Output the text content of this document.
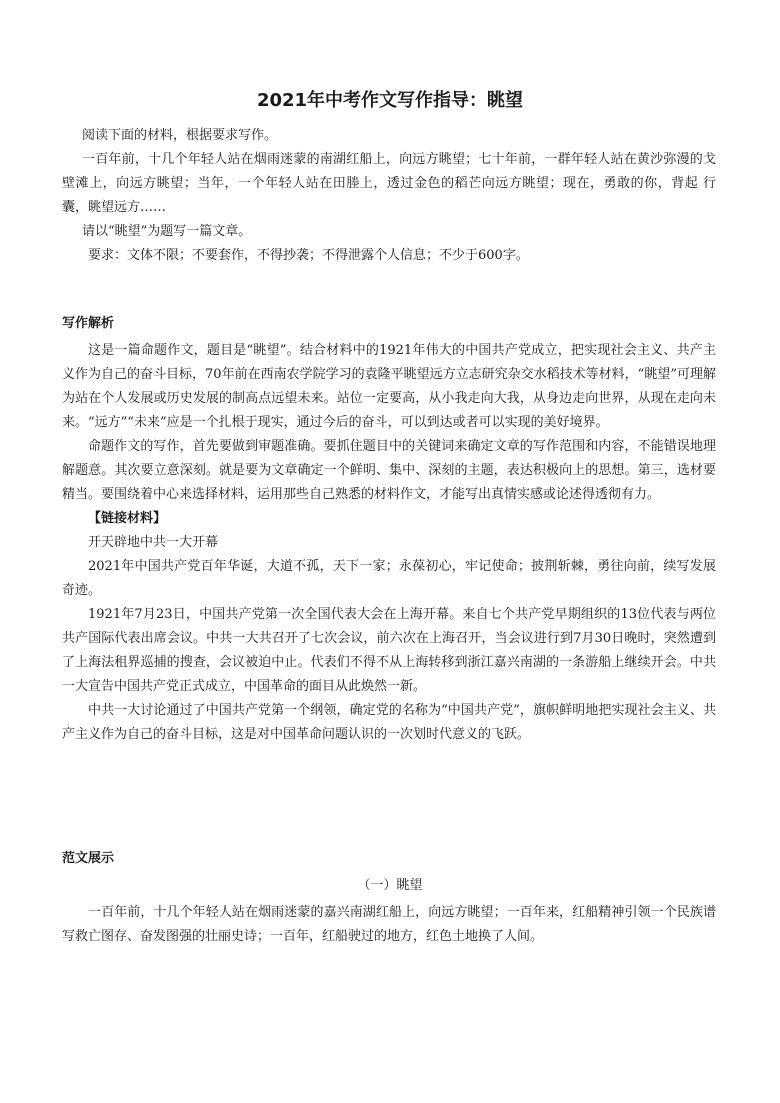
2021年中考作文写作指导：眺望

阅读下面的材料，根据要求写作。

一百年前，十几个年轻人站在烟雨迷蒙的南湖红船上，向远方眺望；七十年前，一群年轻人站在黄沙弥漫的戈壁滩上，向远方眺望；当年，一个年轻人站在田塍上，透过金色的稻芒向远方眺望；现在，勇敢的你，背起 行囊，眺望远方……

请以“眺望”为题写一篇文章。

要求：文体不限；不要套作，不得抄袭；不得泄露个人信息；不少于600字。

写作解析

这是一篇命题作文，题目是“眺望”。结合材料中的1921年伟大的中国共产党成立，把实现社会主义、共产主义作为自己的奋斗目标，70年前在西南农学院学习的袁隆平眺望远方立志研究杂交水稻技术等材料，“眺望”可理解为站在个人发展或历史发展的制高点远望未来。站位一定要高，从小我走向大我，从身边走向世界，从现在走向未来。“远方”“未来”应是一个扎根于现实，通过今后的奋斗，可以到达或者可以实现的美好境界。

命题作文的写作，首先要做到审题准确。要抓住题目中的关键词来确定文章的写作范围和内容，不能错误地理解题意。其次要立意深刻。就是要为文章确定一个鲜明、集中、深刻的主题，表达积极向上的思想。第三，选材要精当。要围绕着中心来选择材料，运用那些自己熟悉的材料作文，才能写出真情实感或论述得透彻有力。

【链接材料】

开天辟地中共一大开幕

2021年中国共产党百年华诞，大道不孤，天下一家；永葆初心，牢记使命；披荆斩棘，勇往向前，续写发展奇迹。

1921年7月23日，中国共产党第一次全国代表大会在上海开幕。来自七个共产党早期组织的13位代表与两位共产国际代表出席会议。中共一大共召开了七次会议，前六次在上海召开，当会议进行到7月30日晚时，突然遭到了上海法租界巡捕的搜查，会议被迫中止。代表们不得不从上海转移到浙江嘉兴南湖的一条游船上继续开会。中共一大宣告中国共产党正式成立，中国革命的面目从此焕然一新。

中共一大讨论通过了中国共产党第一个纲领，确定党的名称为“中国共产党”，旗帜鲜明地把实现社会主义、共产主义作为自己的奋斗目标，这是对中国革命问题认识的一次划时代意义的飞跃。

范文展示
（一）眺望

一百年前，十几个年轻人站在烟雨迷蒙的嘉兴南湖红船上，向远方眺望；一百年来，红船精神引领一个民族谱写救亡图存、奋发图强的壮丽史诗；一百年，红船驶过的地方，红色土地换了人间。
